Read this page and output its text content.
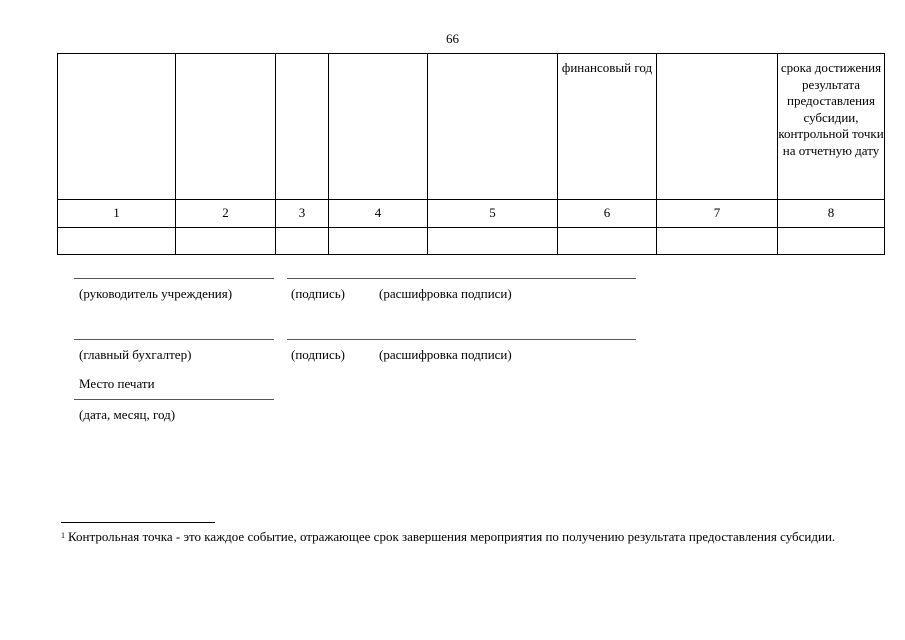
66
					финансовый год		срока достижения результата предоставления субсидии, контрольной точки на отчетную дату
1	2	3	4	5	6	7	8

(руководитель учреждения)	(подпись)	(расшифровка подписи)
(главный бухгалтер)	(подпись)	(расшифровка подписи)
Место печати
(дата, месяц, год)
$^1$ Контрольная точка - это каждое событие, отражающее срок завершения мероприятия по получению результата предоставления субсидии.
